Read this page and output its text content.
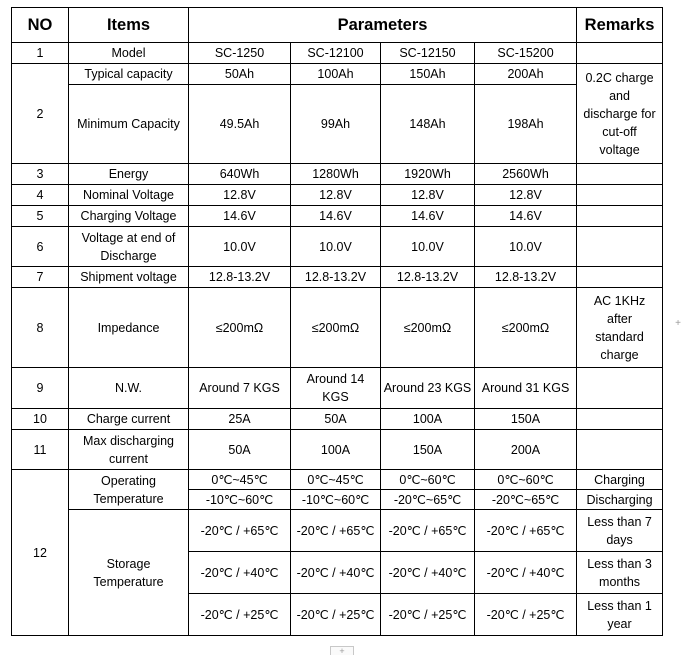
NO	Items	Parameters				Remarks
1	Model	SC-1250	SC-12100	SC-12150	SC-15200	
2	Typical capacity	50Ah	100Ah	150Ah	200Ah	0.2C charge and discharge for cut-off voltage
	Minimum Capacity	49.5Ah	99Ah	148Ah	198Ah	
3	Energy	640Wh	1280Wh	1920Wh	2560Wh	
4	Nominal Voltage	12.8V	12.8V	12.8V	12.8V	
5	Charging Voltage	14.6V	14.6V	14.6V	14.6V	
6	Voltage at end of Discharge	10.0V	10.0V	10.0V	10.0V	
7	Shipment voltage	12.8-13.2V	12.8-13.2V	12.8-13.2V	12.8-13.2V	
8	Impedance	≤200mΩ	≤200mΩ	≤200mΩ	≤200mΩ	AC 1KHz after standard charge
9	N.W.	Around 7 KGS	Around 14 KGS	Around 23 KGS	Around 31 KGS	
10	Charge current	25A	50A	100A	150A	
11	Max discharging current	50A	100A	150A	200A	
12	Operating Temperature	0℃~45℃	0℃~45℃	0℃~60℃	0℃~60℃	Charging
		-10℃~60℃	-10℃~60℃	-20℃~65℃	-20℃~65℃	Discharging
	Storage Temperature	-20℃ / +65℃	-20℃ / +65℃	-20℃ / +65℃	-20℃ / +65℃	Less than 7 days
		-20℃ / +40℃	-20℃ / +40℃	-20℃ / +40℃	-20℃ / +40℃	Less than 3 months
		-20℃ / +25℃	-20℃ / +25℃	-20℃ / +25℃	-20℃ / +25℃	Less than 1 year
+
+
